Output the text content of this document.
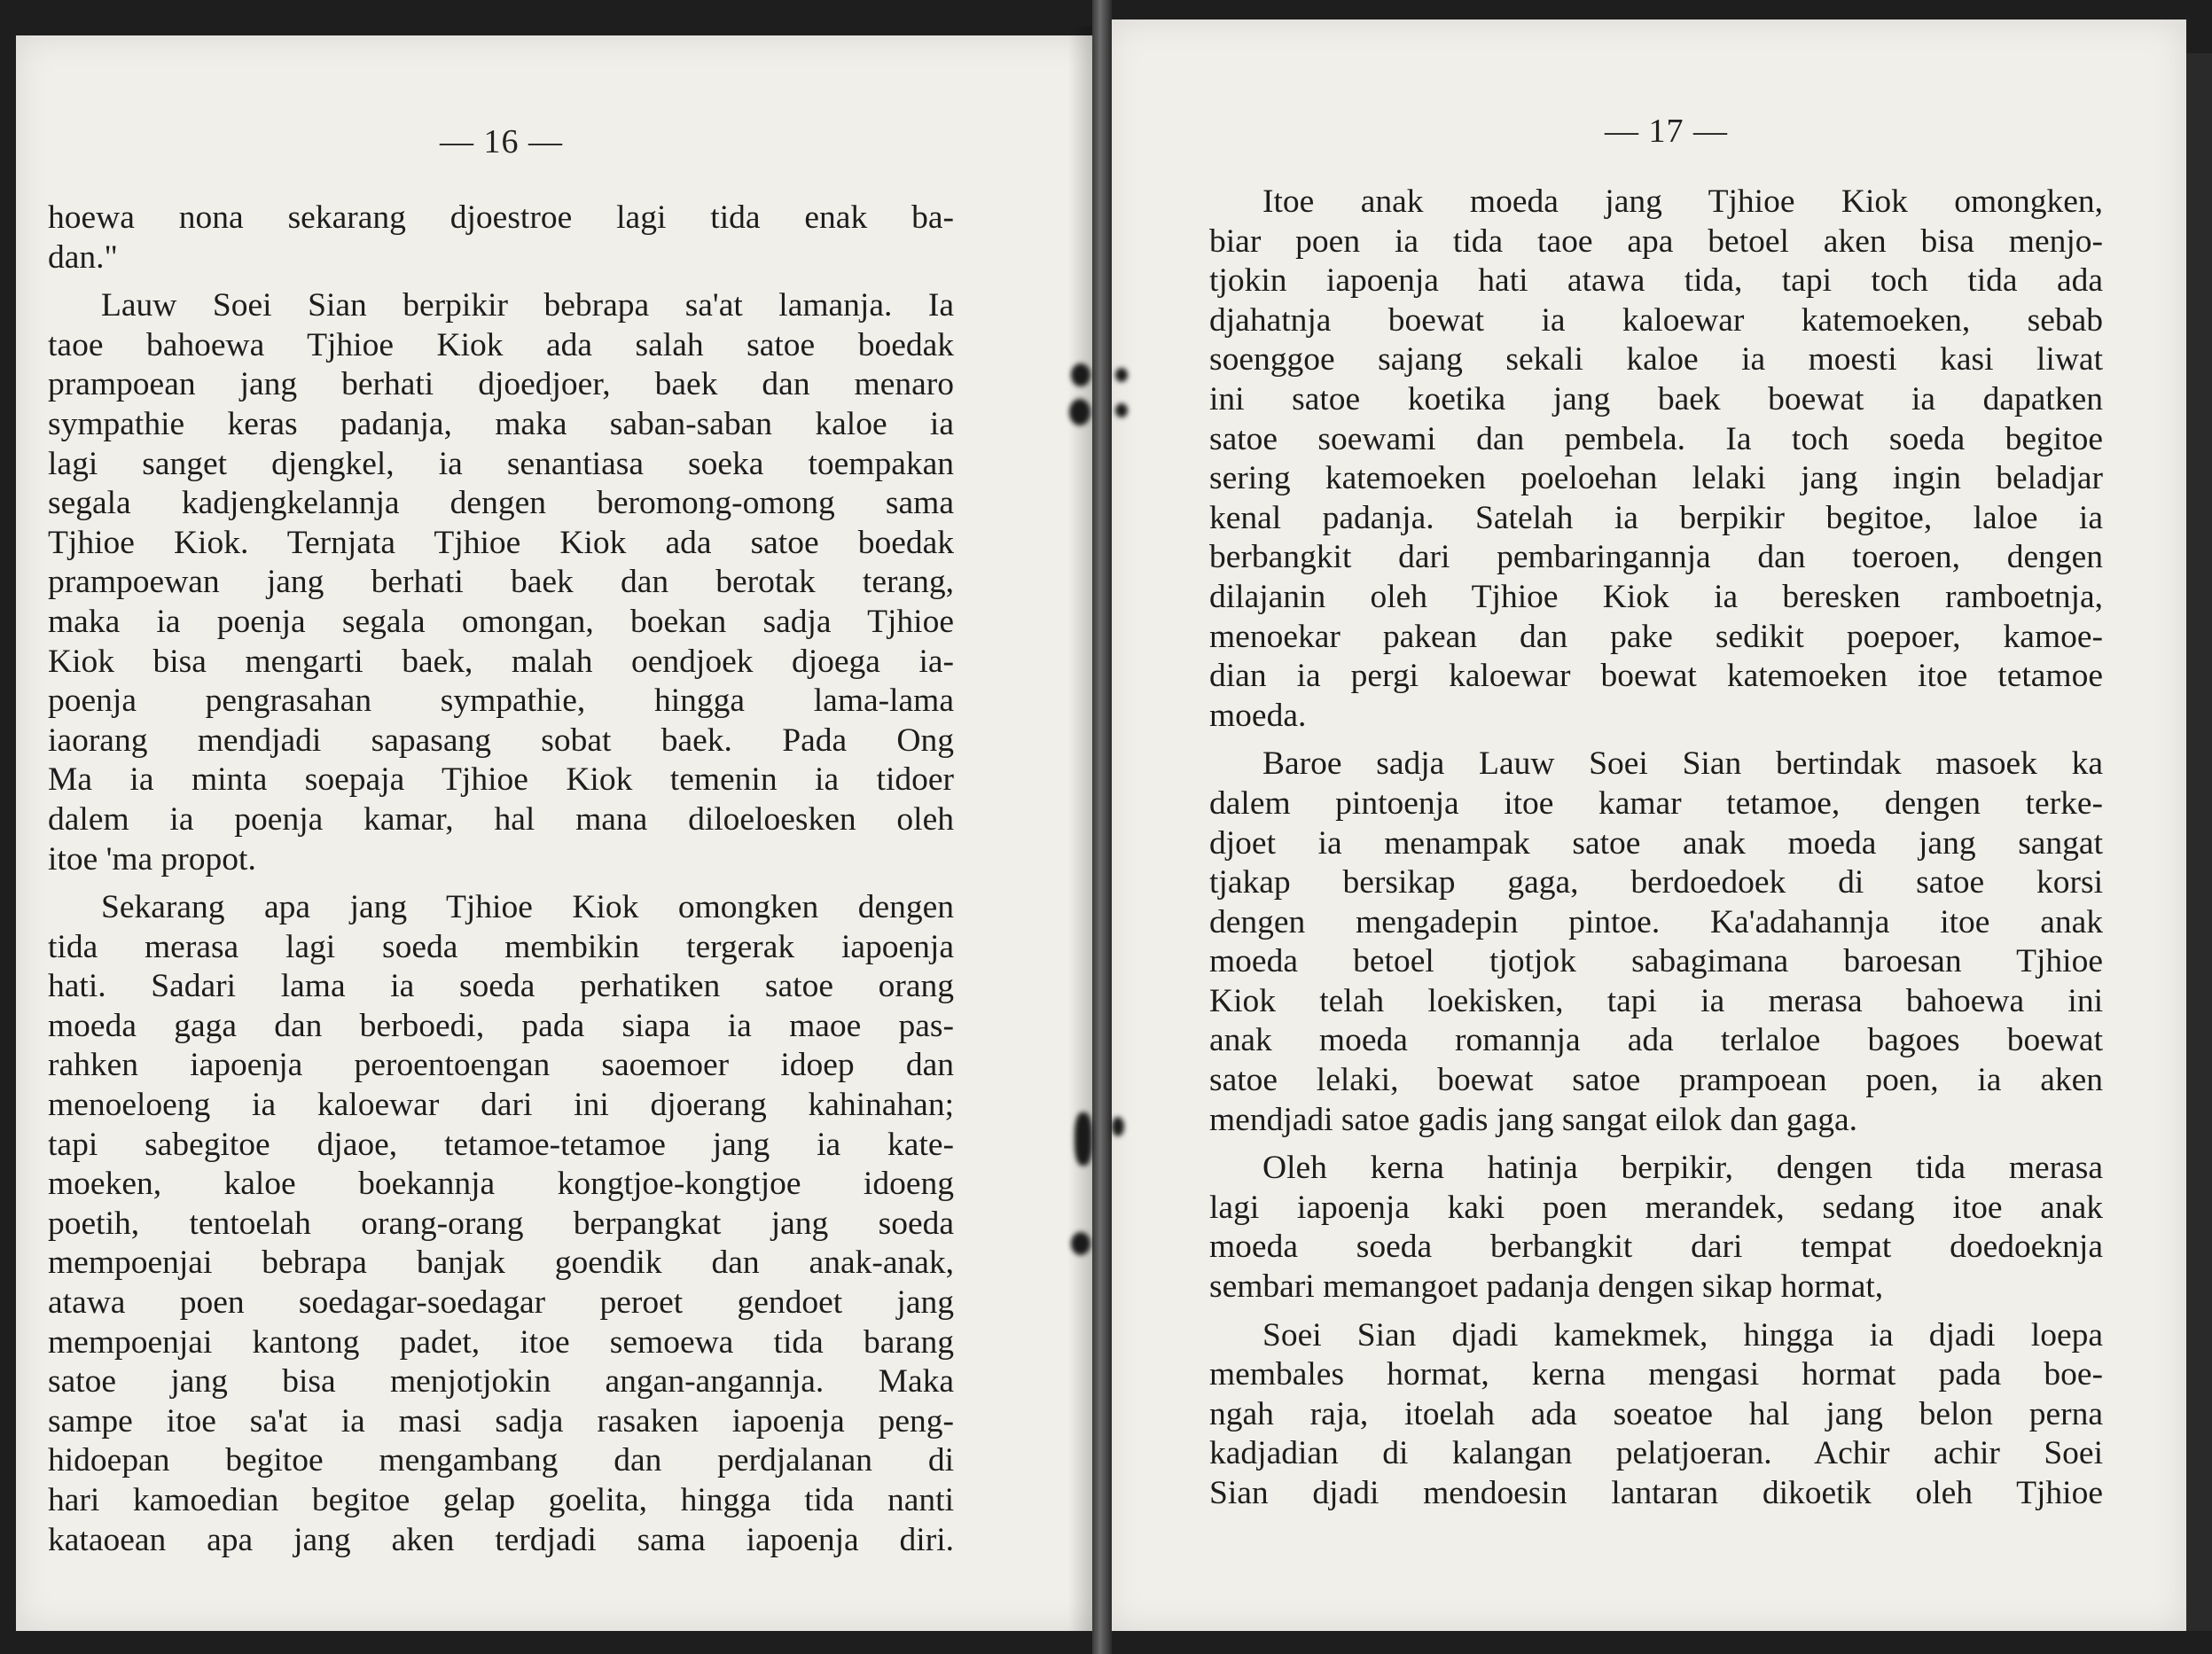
— 16 —
hoewa nona sekarang djoestroe lagi tida enak ba-
dan."
Lauw Soei Sian berpikir bebrapa sa'at lamanja. Ia
taoe bahoewa Tjhioe Kiok ada salah satoe boedak
prampoean jang berhati djoedjoer, baek dan menaro
sympathie keras padanja, maka saban-saban kaloe ia
lagi sanget djengkel, ia senantiasa soeka toempakan
segala kadjengkelannja dengen beromong-omong sama
Tjhioe Kiok. Ternjata Tjhioe Kiok ada satoe boedak
prampoewan jang berhati baek dan berotak terang,
maka ia poenja segala omongan, boekan sadja Tjhioe
Kiok bisa mengarti baek, malah oendjoek djoega ia-
poenja pengrasahan sympathie, hingga lama-lama
iaorang mendjadi sapasang sobat baek. Pada Ong
Ma ia minta soepaja Tjhioe Kiok temenin ia tidoer
dalem ia poenja kamar, hal mana diloeloesken oleh
itoe 'ma propot.
Sekarang apa jang Tjhioe Kiok omongken dengen
tida merasa lagi soeda membikin tergerak iapoenja
hati. Sadari lama ia soeda perhatiken satoe orang
moeda gaga dan berboedi, pada siapa ia maoe pas-
rahken iapoenja peroentoengan saoemoer idoep dan
menoeloeng ia kaloewar dari ini djoerang kahinahan;
tapi sabegitoe djaoe, tetamoe-tetamoe jang ia kate-
moeken, kaloe boekannja kongtjoe-kongtjoe idoeng
poetih, tentoelah orang-orang berpangkat jang soeda
mempoenjai bebrapa banjak goendik dan anak-anak,
atawa poen soedagar-soedagar peroet gendoet jang
mempoenjai kantong padet, itoe semoewa tida barang
satoe jang bisa menjotjokin angan-angannja. Maka
sampe itoe sa'at ia masi sadja rasaken iapoenja peng-
hidoepan begitoe mengambang dan perdjalanan di
hari kamoedian begitoe gelap goelita, hingga tida nanti
kataoean apa jang aken terdjadi sama iapoenja diri.
— 17 —
Itoe anak moeda jang Tjhioe Kiok omongken,
biar poen ia tida taoe apa betoel aken bisa menjo-
tjokin iapoenja hati atawa tida, tapi toch tida ada
djahatnja boewat ia kaloewar katemoeken, sebab
soenggoe sajang sekali kaloe ia moesti kasi liwat
ini satoe koetika jang baek boewat ia dapatken
satoe soewami dan pembela. Ia toch soeda begitoe
sering katemoeken poeloehan lelaki jang ingin beladjar
kenal padanja. Satelah ia berpikir begitoe, laloe ia
berbangkit dari pembaringannja dan toeroen, dengen
dilajanin oleh Tjhioe Kiok ia beresken ramboetnja,
menoekar pakean dan pake sedikit poepoer, kamoe-
dian ia pergi kaloewar boewat katemoeken itoe tetamoe
moeda.
Baroe sadja Lauw Soei Sian bertindak masoek ka
dalem pintoenja itoe kamar tetamoe, dengen terke-
djoet ia menampak satoe anak moeda jang sangat
tjakap bersikap gaga, berdoedoek di satoe korsi
dengen mengadepin pintoe. Ka'adahannja itoe anak
moeda betoel tjotjok sabagimana baroesan Tjhioe
Kiok telah loekisken, tapi ia merasa bahoewa ini
anak moeda romannja ada terlaloe bagoes boewat
satoe lelaki, boewat satoe prampoean poen, ia aken
mendjadi satoe gadis jang sangat eilok dan gaga.
Oleh kerna hatinja berpikir, dengen tida merasa
lagi iapoenja kaki poen merandek, sedang itoe anak
moeda soeda berbangkit dari tempat doedoeknja
sembari memangoet padanja dengen sikap hormat,
Soei Sian djadi kamekmek, hingga ia djadi loepa
membales hormat, kerna mengasi hormat pada boe-
ngah raja, itoelah ada soeatoe hal jang belon perna
kadjadian di kalangan pelatjoeran. Achir achir Soei
Sian djadi mendoesin lantaran dikoetik oleh Tjhioe
